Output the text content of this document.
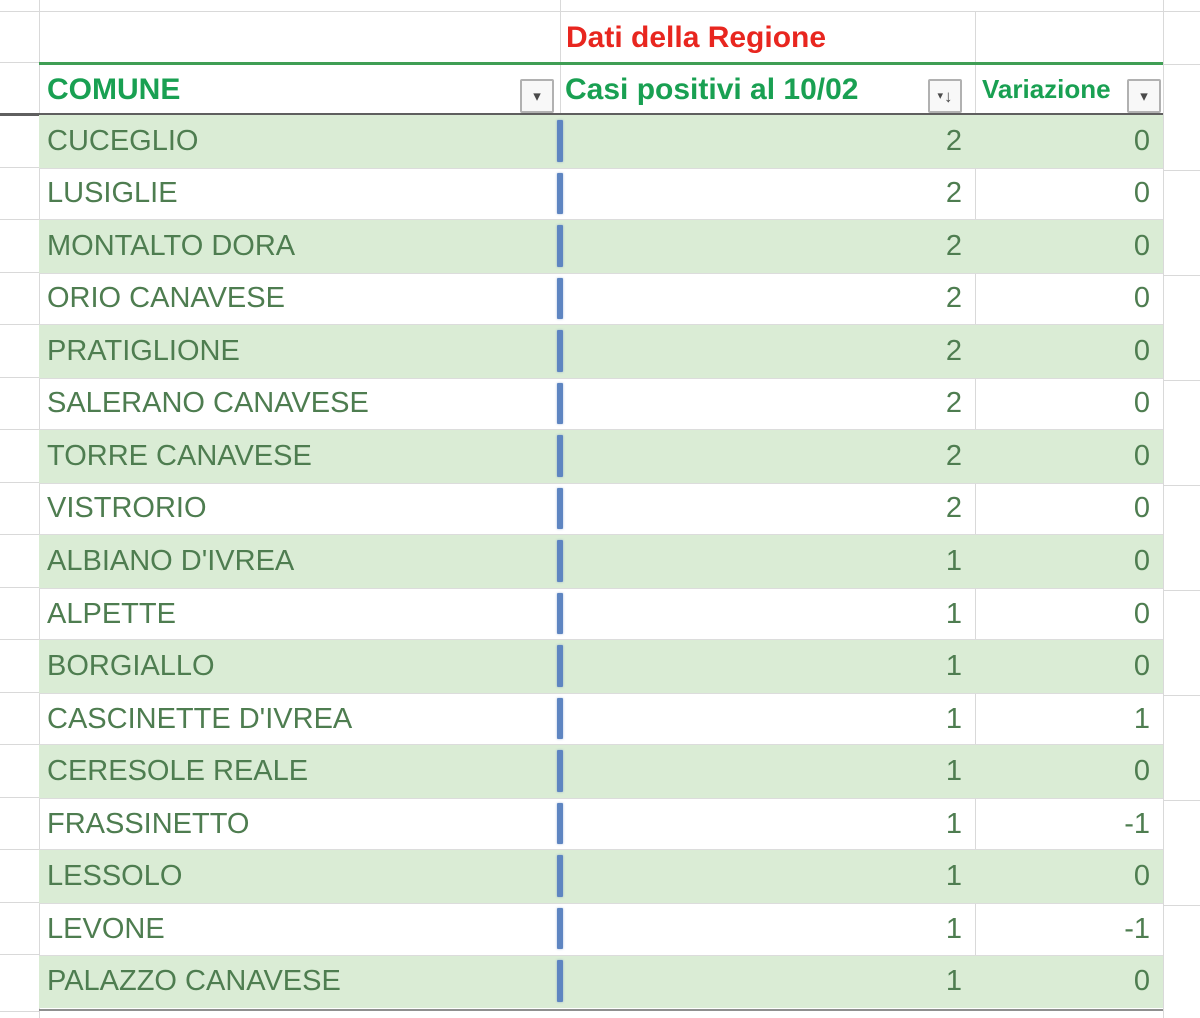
Dati della Regione
COMUNE	Casi positivi al 10/02	Variazione
▾	▾ ↓	▾
CUCEGLIO	2	0
LUSIGLIE	2	0
MONTALTO DORA	2	0
ORIO CANAVESE	2	0
PRATIGLIONE	2	0
SALERANO CANAVESE	2	0
TORRE CANAVESE	2	0
VISTRORIO	2	0
ALBIANO D'IVREA	1	0
ALPETTE	1	0
BORGIALLO	1	0
CASCINETTE D'IVREA	1	1
CERESOLE REALE	1	0
FRASSINETTO	1	-1
LESSOLO	1	0
LEVONE	1	-1
PALAZZO CANAVESE	1	0
